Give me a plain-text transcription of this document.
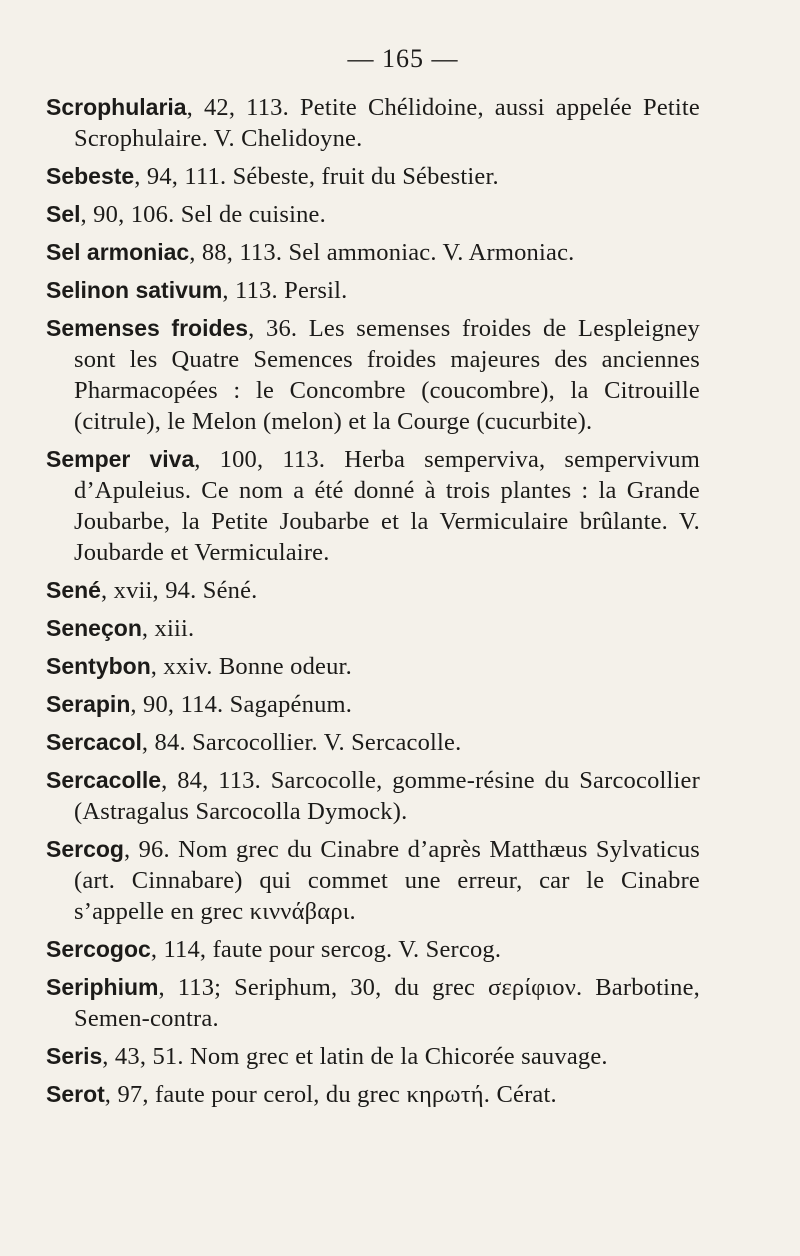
— 165 —

Scrophularia, 42, 113. Petite Chélidoine, aussi appelée Petite Scrophulaire. V. Chelidoyne.

Sebeste, 94, 111. Sébeste, fruit du Sébestier.

Sel, 90, 106. Sel de cuisine.

Sel armoniac, 88, 113. Sel ammoniac. V. Armoniac.

Selinon sativum, 113. Persil.

Semenses froides, 36. Les semenses froides de Lespleigney sont les Quatre Semences froides majeures des anciennes Pharmacopées : le Concombre (coucombre), la Citrouille (citrule), le Melon (melon) et la Courge (cucurbite).

Semper viva, 100, 113. Herba sempervivа, sempervivum d’Apuleius. Ce nom a été donné à trois plantes : la Grande Joubarbe, la Petite Joubarbe et la Vermiculaire brûlante. V. Joubarde et Vermiculaire.

Sené, xvii, 94. Séné.

Seneçon, xiii.

Sentybon, xxiv. Bonne odeur.

Serapin, 90, 114. Sagapénum.

Sercacol, 84. Sarcocollier. V. Sercacolle.

Sercacolle, 84, 113. Sarcocolle, gomme-résine du Sarcocollier (Astragalus Sarcocolla Dymock).

Sercog, 96. Nom grec du Cinabre d’après Matthæus Sylvaticus (art. Cinnabare) qui commet une erreur, car le Cinabre s’appelle en grec κιννάβαρι.

Sercogoc, 114, faute pour sercog. V. Sercog.

Seriphium, 113; Seriphum, 30, du grec σερίφιον. Barbotine, Semen-contra.

Seris, 43, 51. Nom grec et latin de la Chicorée sauvage.

Serot, 97, faute pour cerol, du grec κηρωτή. Cérat.
